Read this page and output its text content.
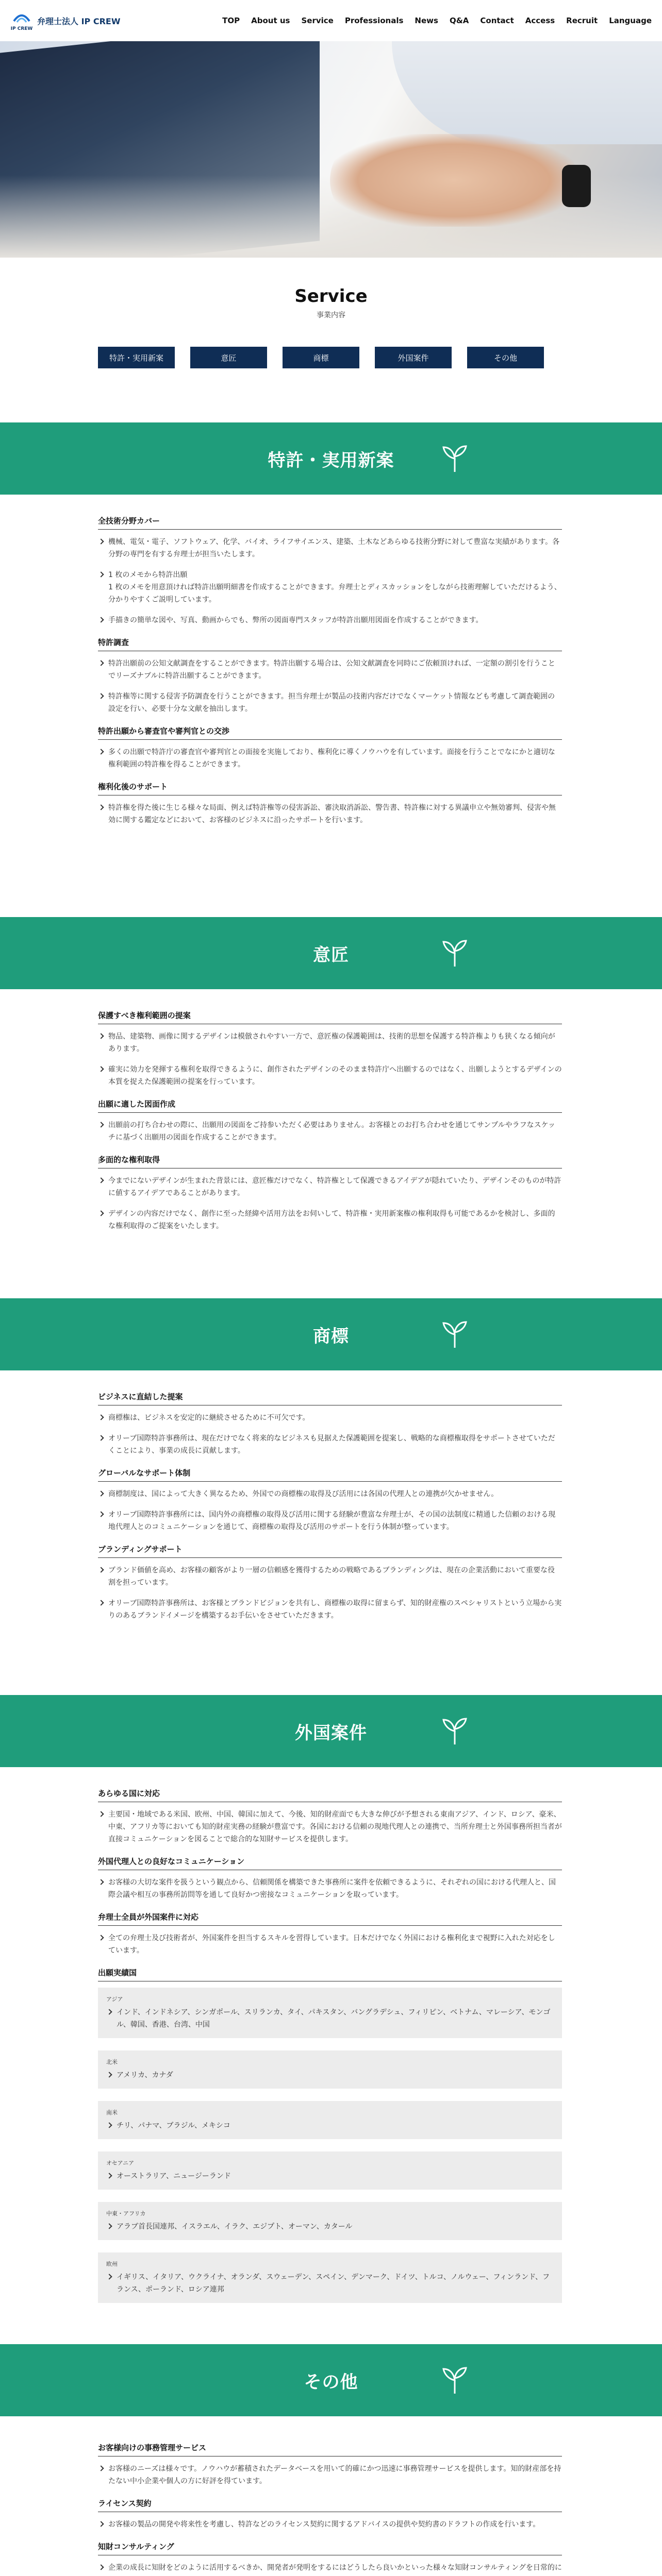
IP CREW
弁理士法人 IP CREW	TOP About us Service Professionals News Q&A Contact Access Recruit Language
Service

事業内容

特許・実用新案	意匠	商標	外国案件	その他
特許・実用新案
全技術分野カバー
機械、電気・電子、ソフトウェア、化学、バイオ、ライフサイエンス、建築、土木などあらゆる技術分野に対して豊富な実績があります。各分野の専門を有する弁理士が担当いたします。
1 枚のメモから特許出願
1 枚のメモを用意頂ければ特許出願明細書を作成することができます。弁理士とディスカッションをしながら技術理解していただけるよう、分かりやすくご説明しています。
手描きの簡単な図や、写真、動画からでも、弊所の図面専門スタッフが特許出願用図面を作成することができます。
特許調査
特許出願前の公知文献調査をすることができます。特許出願する場合は、公知文献調査を同時にご依頼頂ければ、一定額の割引を行うことでリーズナブルに特許出願することができます。
特許権等に関する侵害予防調査を行うことができます。担当弁理士が製品の技術内容だけでなくマーケット情報なども考慮して調査範囲の設定を行い、必要十分な文献を抽出します。
特許出願から審査官や審判官との交渉
多くの出願で特許庁の審査官や審判官との面接を実施しており、権利化に導くノウハウを有しています。面接を行うことでなにかと適切な権利範囲の特許権を得ることができます。
権利化後のサポート
特許権を得た後に生じる様々な局面、例えば特許権等の侵害訴訟、審決取消訴訟、警告書、特許権に対する異議申立や無効審判、侵害や無効に関する鑑定などにおいて、お客様のビジネスに沿ったサポートを行います。
意匠
保護すべき権利範囲の提案
物品、建築物、画像に関するデザインは模倣されやすい一方で、意匠権の保護範囲は、技術的思想を保護する特許権よりも狭くなる傾向があります。
確実に効力を発揮する権利を取得できるように、創作されたデザインのそのまま特許庁へ出願するのではなく、出願しようとするデザインの本質を捉えた保護範囲の提案を行っています。
出願に適した図面作成
出願前の打ち合わせの際に、出願用の図面をご持参いただく必要はありません。お客様とのお打ち合わせを通じてサンプルやラフなスケッチに基づく出願用の図面を作成することができます。
多面的な権利取得
今までにないデザインが生まれた背景には、意匠権だけでなく、特許権として保護できるアイデアが隠れていたり、デザインそのものが特許に値するアイデアであることがあります。
デザインの内容だけでなく、創作に至った経緯や活用方法をお伺いして、特許権・実用新案権の権利取得も可能であるかを検討し、多面的な権利取得のご提案をいたします。
商標
ビジネスに直結した提案
商標権は、ビジネスを安定的に継続させるために不可欠です。
オリーブ国際特許事務所は、現在だけでなく将来的なビジネスも見据えた保護範囲を提案し、戦略的な商標権取得をサポートさせていただくことにより、事業の成長に貢献します。
グローバルなサポート体制
商標制度は、国によって大きく異なるため、外国での商標権の取得及び活用には各国の代理人との連携が欠かせません。
オリーブ国際特許事務所には、国内外の商標権の取得及び活用に関する経験が豊富な弁理士が、その国の法制度に精通した信頼のおける現地代理人とのコミュニケーションを通じて、商標権の取得及び活用のサポートを行う体制が整っています。
ブランディングサポート
ブランド価値を高め、お客様の顧客がより一層の信頼感を獲得するための戦略であるブランディングは、現在の企業活動において重要な役割を担っています。
オリーブ国際特許事務所は、お客様とブランドビジョンを共有し、商標権の取得に留まらず、知的財産権のスペシャリストという立場から実りのあるブランドイメージを構築するお手伝いをさせていただきます。
外国案件
あらゆる国に対応
主要国・地域である米国、欧州、中国、韓国に加えて、今後、知的財産面でも大きな伸びが予想される東南アジア、インド、ロシア、豪米、中東、アフリカ等においても知的財産実務の経験が豊富です。各国における信頼の現地代理人との連携で、当所弁理士と外国事務所担当者が直接コミュニケーションを図ることで総合的な知財サービスを提供します。
外国代理人との良好なコミュニケーション
お客様の大切な案件を扱うという観点から、信頼関係を構築できた事務所に案件を依頼できるように、それぞれの国における代理人と、国際会議や相互の事務所訪問等を通して良好かつ密接なコミュニケーションを取っています。
弁理士全員が外国案件に対応
全ての弁理士及び技術者が、外国案件を担当するスキルを習得しています。日本だけでなく外国における権利化まで視野に入れた対応をしています。
出願実績国
アジア
インド、インドネシア、シンガポール、スリランカ、タイ、パキスタン、バングラデシュ、フィリピン、ベトナム、マレーシア、モンゴル、韓国、香港、台湾、中国
北米
アメリカ、カナダ
南米
チリ、パナマ、ブラジル、メキシコ
オセアニア
オーストラリア、ニュージーランド
中東・アフリカ
アラブ首長国連邦、イスラエル、イラク、エジプト、オーマン、カタール
欧州
イギリス、イタリア、ウクライナ、オランダ、スウェーデン、スペイン、デンマーク、ドイツ、トルコ、ノルウェー、フィンランド、フランス、ポーランド、ロシア連邦
その他
お客様向けの事務管理サービス
お客様のニーズは様々です。ノウハウが蓄積されたデータベースを用いて的確にかつ迅速に事務管理サービスを提供します。知的財産部を持たない中小企業や個人の方に好評を得ています。
ライセンス契約
お客様の製品の開発や将来性を考慮し、特許などのライセンス契約に関するアドバイスの提供や契約書のドラフトの作成を行います。
知財コンサルティング
企業の成長に知財をどのように活用するべきか、開発者が発明をするにはどうしたら良いかといった様々な知財コンサルティングを日常的に
